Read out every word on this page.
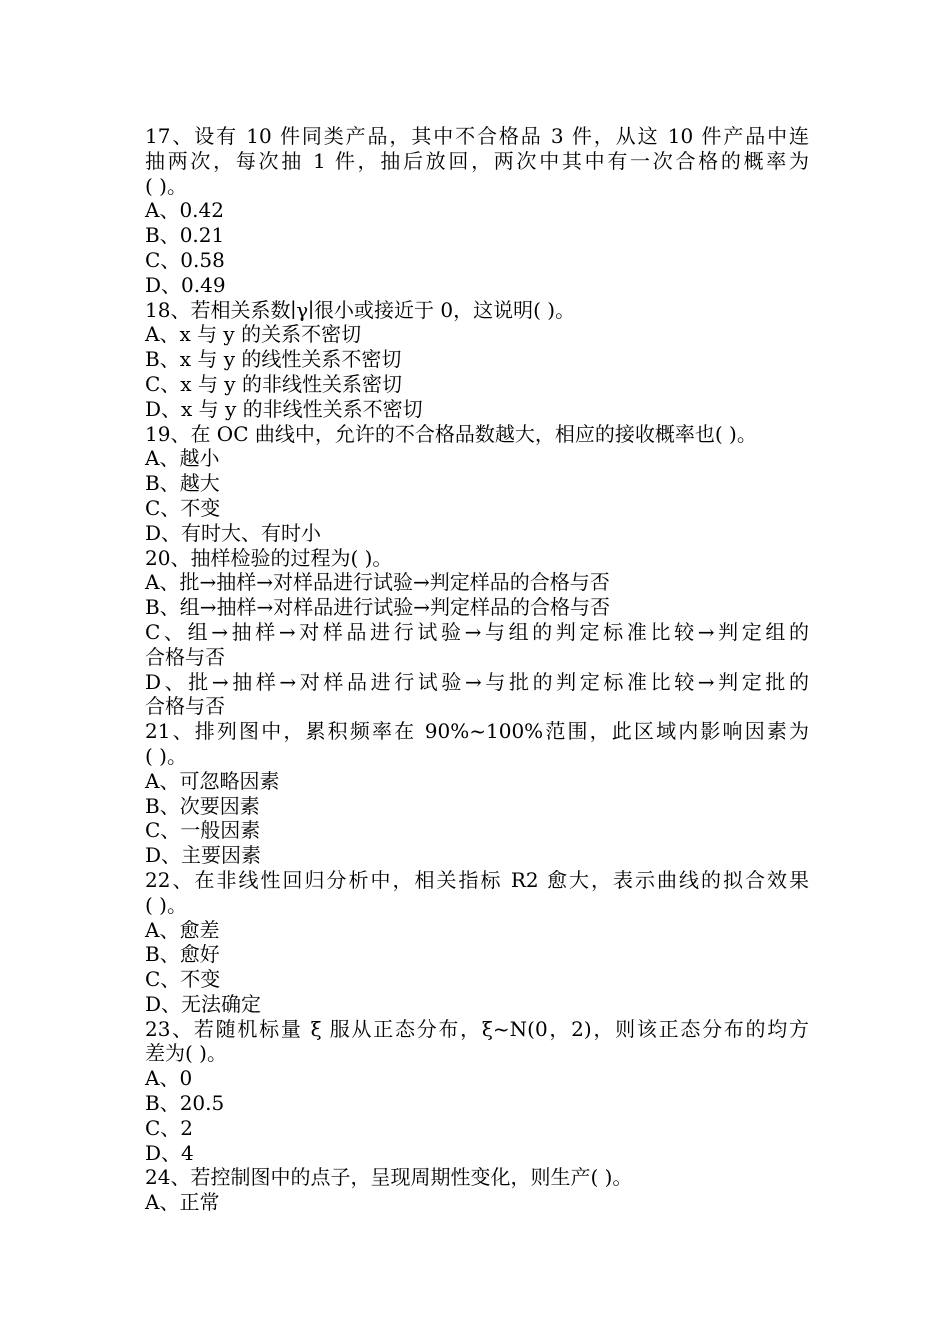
17、设有 10 件同类产品，其中不合格品 3 件，从这 10 件产品中连
抽两次，每次抽 1 件，抽后放回，两次中其中有一次合格的概率为
( )。
A、0.42
B、0.21
C、0.58
D、0.49
18、若相关系数∣γ∣很小或接近于 0，这说明( )。
A、x 与 y 的关系不密切
B、x 与 y 的线性关系不密切
C、x 与 y 的非线性关系密切
D、x 与 y 的非线性关系不密切
19、在 OC 曲线中，允许的不合格品数越大，相应的接收概率也( )。
A、越小
B、越大
C、不变
D、有时大、有时小
20、抽样检验的过程为( )。
A、批→抽样→对样品进行试验→判定样品的合格与否
B、组→抽样→对样品进行试验→判定样品的合格与否
C、组→抽样→对样品进行试验→与组的判定标准比较→判定组的
合格与否
D、批→抽样→对样品进行试验→与批的判定标准比较→判定批的
合格与否
21、排列图中，累积频率在 90%~100%范围，此区域内影响因素为
( )。
A、可忽略因素
B、次要因素
C、一般因素
D、主要因素
22、在非线性回归分析中，相关指标 R2 愈大，表示曲线的拟合效果
( )。
A、愈差
B、愈好
C、不变
D、无法确定
23、若随机标量 ξ 服从正态分布，ξ~N(0，2)，则该正态分布的均方
差为( )。
A、0
B、20.5
C、2
D、4
24、若控制图中的点子，呈现周期性变化，则生产( )。
A、正常
